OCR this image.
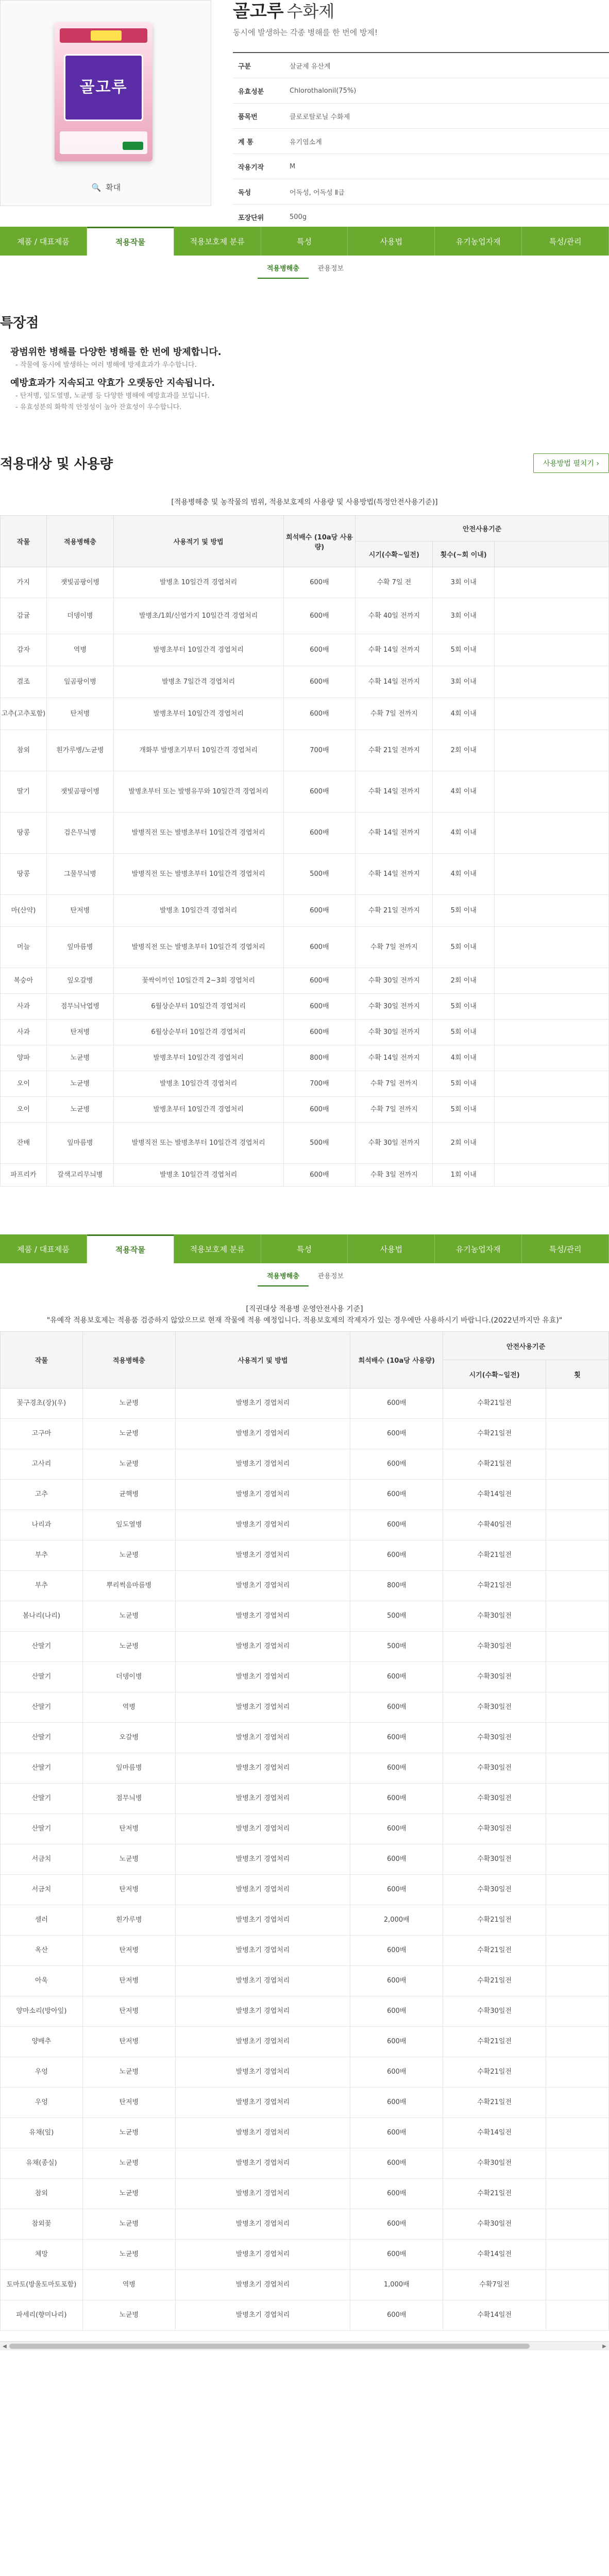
골고루
🔍 확대
골고루 수화제
동시에 발생하는 각종 병해를 한 번에 방제!
구분	살균제 유산계
유효성분	Chlorothalonil(75%)
품목번	클로로탈로닐 수화제
계 통	유기염소계
작용기작	M
독성	어독성, 어독성 Ⅱ급
포장단위	500g
제품 / 대표제품	적용작물	적용보호제 분류	특성	사용법	유기농업자재	특성/관리
적용병해충	관용정보
특장점
광범위한 병해를 다양한 병해를 한 번에 방제합니다.
- 작물에 동시에 발생하는 여러 병해에 방제효과가 우수합니다.
예방효과가 지속되고 약효가 오랫동안 지속됩니다.
- 탄저병, 잎도열병, 노균병 등 다양한 병해에 예방효과를 보입니다.
- 유효성분의 화학적 안정성이 높아 잔효성이 우수합니다.
적용대상 및 사용량	사용방법 펼치기 ›
[적용병해충 및 농작물의 범위, 적용보호제의 사용량 및 사용방법(특정안전사용기준)]
작물	적용병해충	사용적기 및 방법	희석배수 (10a당 사용량)	안전사용기준		
				시기(수확~일전)	횟수(~회 이내)	
가지	잿빛곰팡이병	발병초 10일간격 경엽처리	600배	수확 7일 전	3회 이내	
감귤	더뎅이병	발병초/1회/신엽가지 10일간격 경엽처리	600배	수확 40일 전까지	3회 이내	
감자	역병	발병초부터 10일간격 경엽처리	600배	수확 14일 전까지	5회 이내	
결조	잎곰팡이병	발병초 7일간격 경엽처리	600배	수확 14일 전까지	3회 이내	
고추(고추포함)	탄저병	발병초부터 10일간격 경엽처리	600배	수확 7일 전까지	4회 이내	
참외	흰가루병/노균병	개화부 발병초기부터 10일간격 경엽처리	700배	수확 21일 전까지	2회 이내	
딸기	잿빛곰팡이병	발병초부터 또는 발병유무와 10일간격 경엽처리	600배	수확 14일 전까지	4회 이내	
땅콩	검은무늬병	발병직전 또는 발병초부터 10일간격 경엽처리	600배	수확 14일 전까지	4회 이내	
땅콩	그물무늬병	발병직전 또는 발병초부터 10일간격 경엽처리	500배	수확 14일 전까지	4회 이내	
마(산약)	탄저병	발병초 10일간격 경엽처리	600배	수확 21일 전까지	5회 이내	
머늘	잎마름병	발병직전 또는 발병초부터 10일간격 경엽처리	600배	수확 7일 전까지	5회 이내	
복숭아	잎오갈병	꽃싹이끼인 10일간격 2~3회 경엽처리	600배	수확 30일 전까지	2회 이내	
사과	점무늬낙엽병	6월상순부터 10일간격 경엽처리	600배	수확 30일 전까지	5회 이내	
사과	탄저병	6월상순부터 10일간격 경엽처리	600배	수확 30일 전까지	5회 이내	
양파	노균병	발병초부터 10일간격 경엽처리	800배	수확 14일 전까지	4회 이내	
오이	노균병	발병초 10일간격 경엽처리	700배	수확 7일 전까지	5회 이내	
오이	노균병	발병초부터 10일간격 경엽처리	600배	수확 7일 전까지	5회 이내	
잔배	잎마름병	발병직전 또는 발병초부터 10일간격 경엽처리	500배	수확 30일 전까지	2회 이내	
파프리카	갈색고리무늬병	발병초 10일간격 경엽처리	600배	수확 3일 전까지	1회 이내	
제품 / 대표제품	적용작물	적용보호제 분류	특성	사용법	유기농업자재	특성/관리
적용병해충	관용정보
[직권대상 적용병 운영안전사용 기준]
"유예작 적용보호제는 적용품 검증하지 않았으므로 현재 작물에 적용 예정입니다. 적용보호제의 작제자가 있는 경우에만 사용하시기 바랍니다.(2022년까지만 유효)"
작물	적용병해충	사용적기 및 방법	희석배수 (10a당 사용량)	안전사용기준	
				시기(수확~일전)	횟
꽃구경초(장)(우)	노균병	발병초기 경엽처리	600배	수확21일전	
고구마	노균병	발병초기 경엽처리	600배	수확21일전	
고사리	노균병	발병초기 경엽처리	600배	수확21일전	
고추	균핵병	발병초기 경엽처리	600배	수확14일전	
나리과	잎도열병	발병초기 경엽처리	600배	수확40일전	
부추	노균병	발병초기 경엽처리	600배	수확21일전	
부추	뿌리썩음마름병	발병초기 경엽처리	800배	수확21일전	
봄나리(나리)	노균병	발병초기 경엽처리	500배	수확30일전	
산딸기	노균병	발병초기 경엽처리	500배	수확30일전	
산딸기	더뎅이병	발병초기 경엽처리	600배	수확30일전	
산딸기	역병	발병초기 경엽처리	600배	수확30일전	
산딸기	오갈병	발병초기 경엽처리	600배	수확30일전	
산딸기	잎마름병	발병초기 경엽처리	600배	수확30일전	
산딸기	점무늬병	발병초기 경엽처리	600배	수확30일전	
산딸기	탄저병	발병초기 경엽처리	600배	수확30일전	
서금치	노균병	발병초기 경엽처리	600배	수확30일전	
서금치	탄저병	발병초기 경엽처리	600배	수확30일전	
셀러	흰가루병	발병초기 경엽처리	2,000배	수확21일전	
옥산	탄저병	발병초기 경엽처리	600배	수확21일전	
아욱	탄저병	발병초기 경엽처리	600배	수확21일전	
양마소리(방아잎)	탄저병	발병초기 경엽처리	600배	수확30일전	
양배추	탄저병	발병초기 경엽처리	600배	수확21일전	
우엉	노균병	발병초기 경엽처리	600배	수확21일전	
우엉	탄저병	발병초기 경엽처리	600배	수확21일전	
유채(잎)	노균병	발병초기 경엽처리	600배	수확14일전	
유채(종실)	노균병	발병초기 경엽처리	600배	수확30일전	
참외	노균병	발병초기 경엽처리	600배	수확21일전	
참외꽃	노균병	발병초기 경엽처리	600배	수확30일전	
체망	노균병	발병초기 경엽처리	600배	수확14일전	
토마토(방울토마토포함)	역병	발병초기 경엽처리	1,000배	수확7일전	
파세리(향미나리)	노균병	발병초기 경엽처리	600배	수확14일전	
◀	▶
